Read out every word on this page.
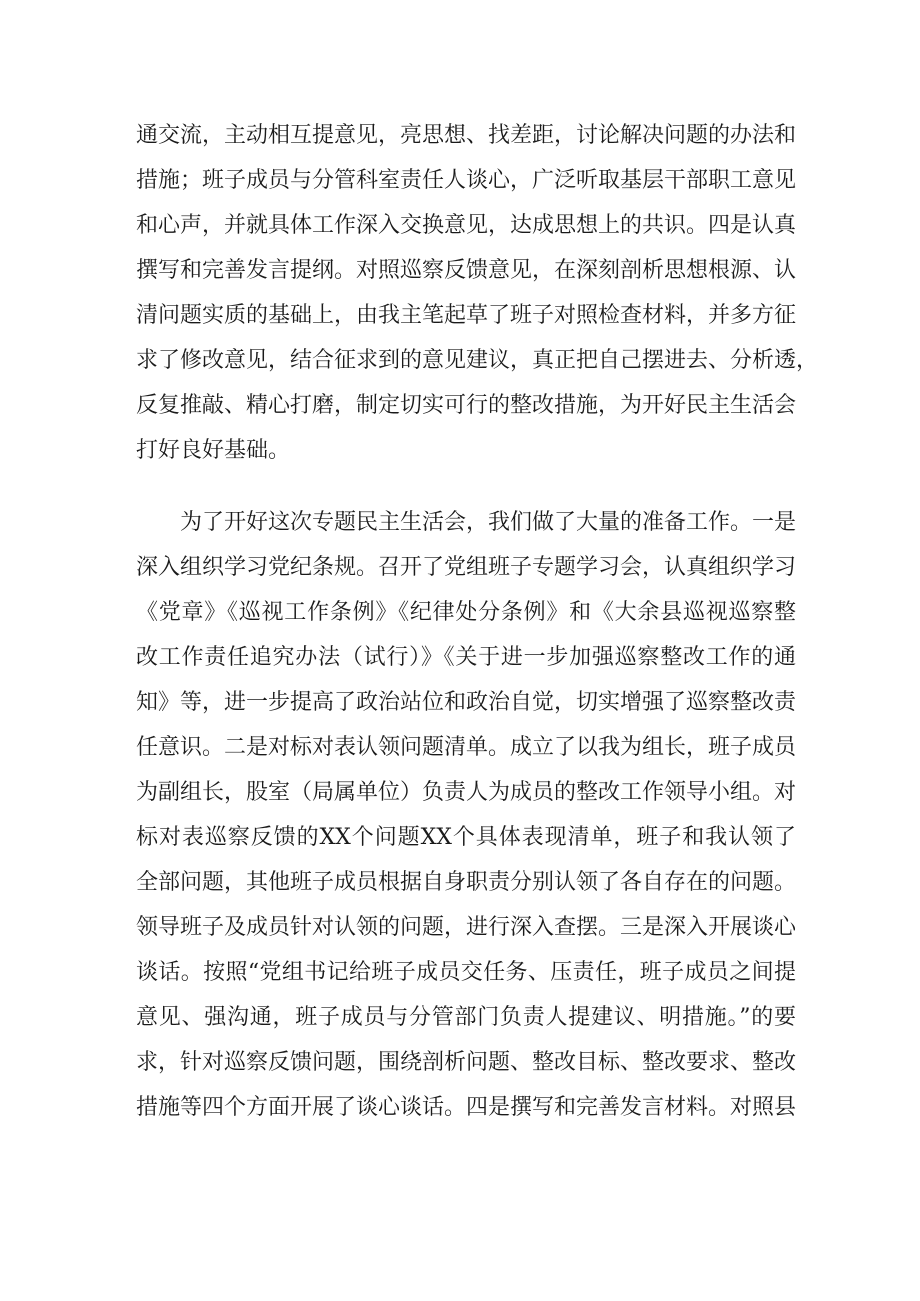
通交流，主动相互提意见，亮思想、找差距，讨论解决问题的办法和
措施；班子成员与分管科室责任人谈心，广泛听取基层干部职工意见
和心声，并就具体工作深入交换意见，达成思想上的共识。四是认真
撰写和完善发言提纲。对照巡察反馈意见，在深刻剖析思想根源、认
清问题实质的基础上，由我主笔起草了班子对照检查材料，并多方征
求了修改意见，结合征求到的意见建议，真正把自己摆进去、分析透，
反复推敲、精心打磨，制定切实可行的整改措施，为开好民主生活会
打好良好基础。
为了开好这次专题民主生活会，我们做了大量的准备工作。一是
深入组织学习党纪条规。召开了党组班子专题学习会，认真组织学习
《党章》《巡视工作条例》《纪律处分条例》和《大余县巡视巡察整
改工作责任追究办法（试行）》《关于进一步加强巡察整改工作的通
知》等，进一步提高了政治站位和政治自觉，切实增强了巡察整改责
任意识。二是对标对表认领问题清单。成立了以我为组长，班子成员
为副组长，股室（局属单位）负责人为成员的整改工作领导小组。对
标对表巡察反馈的XX个问题XX个具体表现清单，班子和我认领了
全部问题，其他班子成员根据自身职责分别认领了各自存在的问题。
领导班子及成员针对认领的问题，进行深入查摆。三是深入开展谈心
谈话。按照“党组书记给班子成员交任务、压责任，班子成员之间提
意见、强沟通，班子成员与分管部门负责人提建议、明措施。”的要
求，针对巡察反馈问题，围绕剖析问题、整改目标、整改要求、整改
措施等四个方面开展了谈心谈话。四是撰写和完善发言材料。对照县
